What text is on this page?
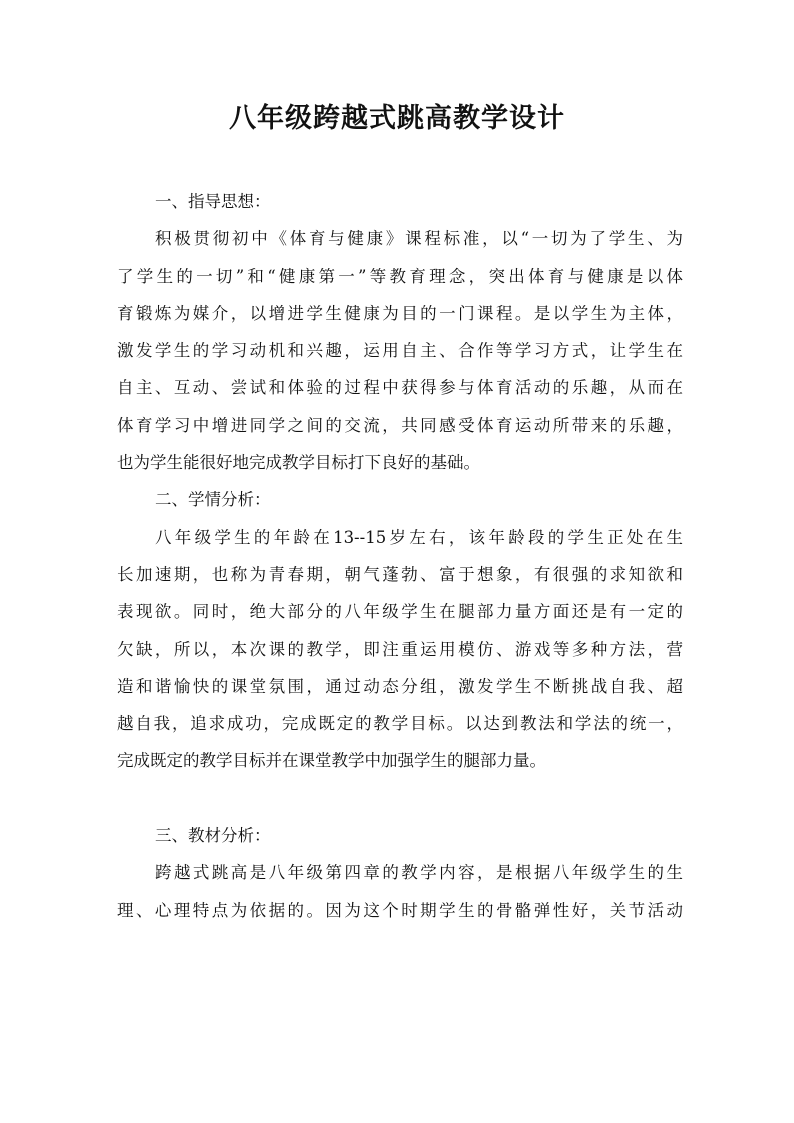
八年级跨越式跳高教学设计

一、指导思想：

积极贯彻初中《体育与健康》课程标准，以“一切为了学生、为

了学生的一切”和“健康第一”等教育理念，突出体育与健康是以体

育锻炼为媒介，以增进学生健康为目的一门课程。是以学生为主体，

激发学生的学习动机和兴趣，运用自主、合作等学习方式，让学生在

自主、互动、尝试和体验的过程中获得参与体育活动的乐趣，从而在

体育学习中增进同学之间的交流，共同感受体育运动所带来的乐趣，

也为学生能很好地完成教学目标打下良好的基础。

二、学情分析：

八年级学生的年龄在13--15岁左右，该年龄段的学生正处在生

长加速期，也称为青春期，朝气蓬勃、富于想象，有很强的求知欲和

表现欲。同时，绝大部分的八年级学生在腿部力量方面还是有一定的

欠缺，所以，本次课的教学，即注重运用模仿、游戏等多种方法，营

造和谐愉快的课堂氛围，通过动态分组，激发学生不断挑战自我、超

越自我，追求成功，完成既定的教学目标。以达到教法和学法的统一，

完成既定的教学目标并在课堂教学中加强学生的腿部力量。

三、教材分析：

跨越式跳高是八年级第四章的教学内容，是根据八年级学生的生

理、心理特点为依据的。因为这个时期学生的骨骼弹性好，关节活动
